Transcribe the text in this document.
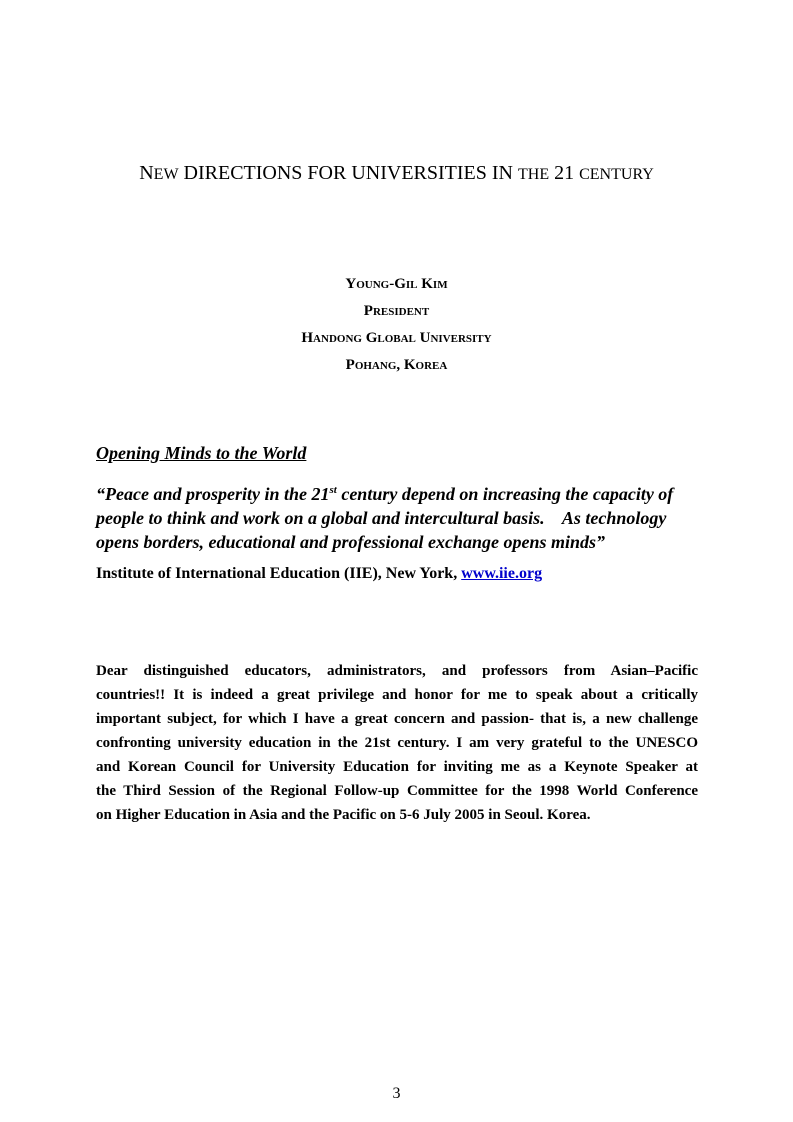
NEW DIRECTIONS FOR UNIVERSITIES IN THE 21 CENTURY
Young-Gil Kim
President
Handong Global University
Pohang, Korea
Opening Minds to the World
“Peace and prosperity in the 21st century depend on increasing the capacity of
people to think and work on a global and intercultural basis.    As technology
opens borders, educational and professional exchange opens minds”
Institute of International Education (IIE), New York, www.iie.org
Dear distinguished educators, administrators, and professors from Asian–Pacific
countries!! It is indeed a great privilege and honor for me to speak about a critically
important subject, for which I have a great concern and passion- that is, a new challenge
confronting university education in the 21st century. I am very grateful to the UNESCO
and Korean Council for University Education for inviting me as a Keynote Speaker at
the Third Session of the Regional Follow-up Committee for the 1998 World Conference
on Higher Education in Asia and the Pacific on 5-6 July 2005 in Seoul. Korea.
3
